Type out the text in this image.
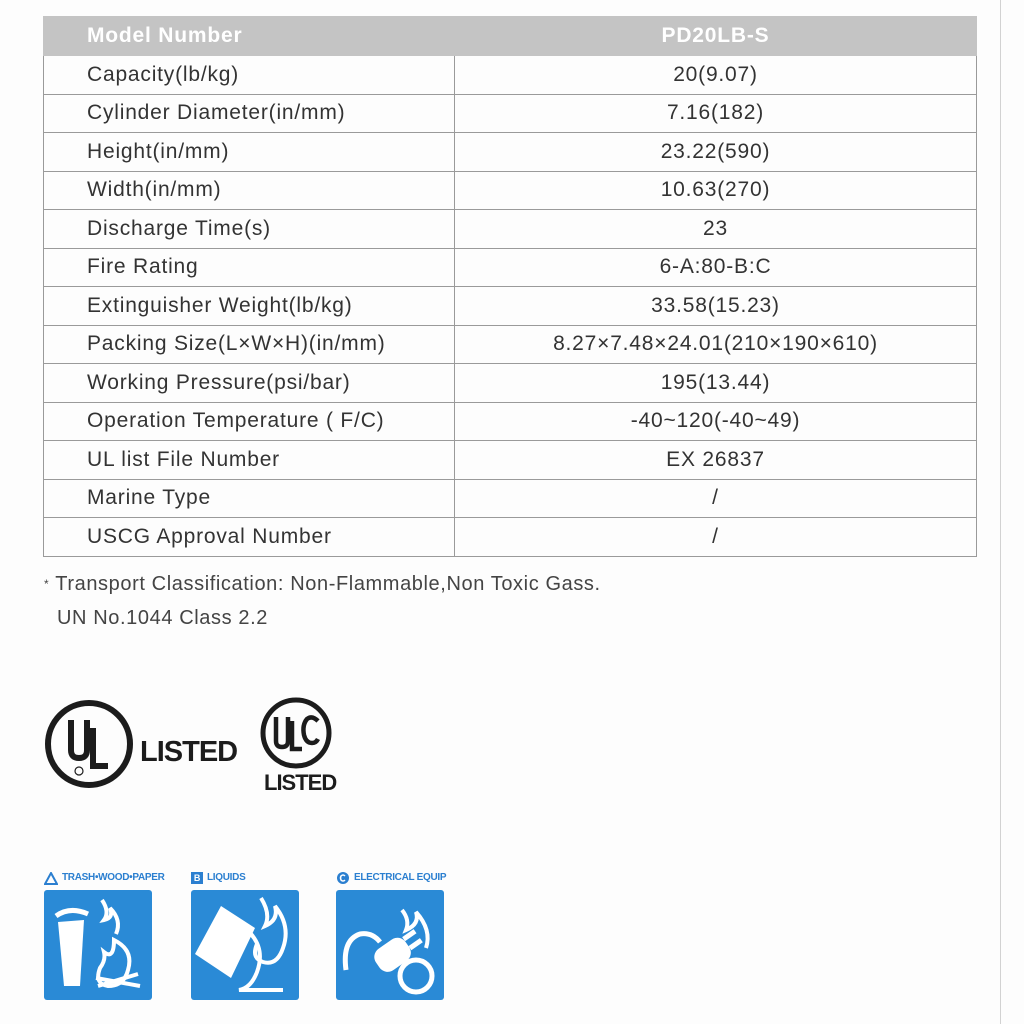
Model Number	PD20LB-S
Capacity(lb/kg)	20(9.07)
Cylinder Diameter(in/mm)	7.16(182)
Height(in/mm)	23.22(590)
Width(in/mm)	10.63(270)
Discharge Time(s)	23
Fire Rating	6-A:80-B:C
Extinguisher Weight(lb/kg)	33.58(15.23)
Packing Size(L×W×H)(in/mm)	8.27×7.48×24.01(210×190×610)
Working Pressure(psi/bar)	195(13.44)
Operation Temperature ( F/C)	-40~120(-40~49)
UL list File Number	EX 26837
Marine Type	/
USCG Approval Number	/
* Transport Classification: Non-Flammable,Non Toxic Gass.
UN No.1044 Class 2.2
LISTED
LISTED
TRASH•WOOD•PAPER	B LIQUIDS	ELECTRICAL EQUIP
